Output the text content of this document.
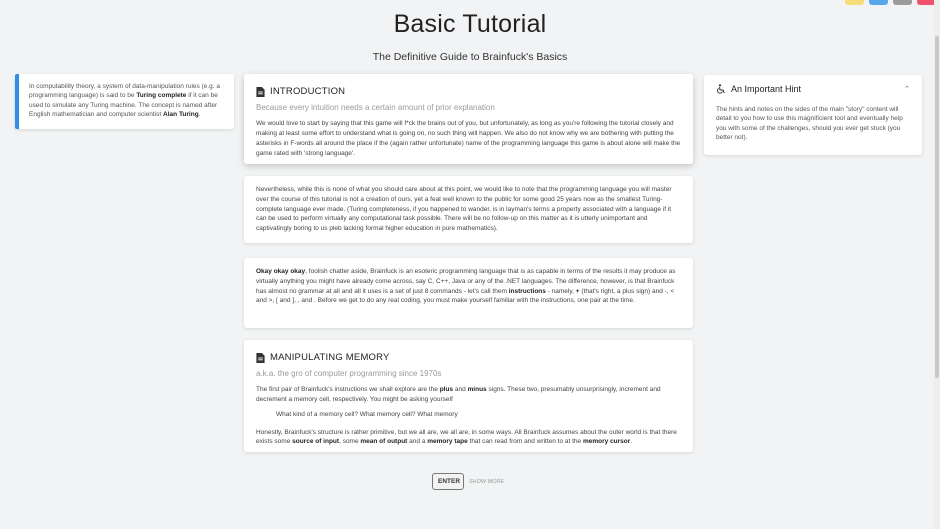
Basic Tutorial
The Definitive Guide to Brainfuck's Basics
In computability theory, a system of data-manipulation rules (e.g. a programming language) is said to be Turing complete if it can be used to simulate any Turing machine. The concept is named after English mathematician and computer scientist Alan Turing.
INTRODUCTION
Because every intuition needs a certain amount of prior explanation

We would love to start by saying that this game will f*ck the brains out of you, but unfortunately, as long as you're following the tutorial closely and making at least some effort to understand what is going on, no such thing will happen. We also do not know why we are bothering with putting the asterisks in F-words all around the place if the (again rather unfortunate) name of the programming language this game is about alone will make the game rated with 'strong language'.

Nevertheless, while this is none of what you should care about at this point, we would like to note that the programming language you will master over the course of this tutorial is not a creation of ours, yet a feat well known to the public for some good 25 years now as the smallest Turing-complete language ever made. (Turing completeness, if you happened to wander, is in layman's terms a property associated with a language if it can be used to perform virtually any computational task possible. There will be no follow-up on this matter as it is utterly unimportant and captivatingly boring to us pleb lacking formal higher education in pure mathematics).

Okay okay okay, foolish chatter aside, Brainfuck is an esoteric programming language that is as capable in terms of the results it may produce as virtually anything you might have already come across, say C, C++, Java or any of the .NET languages. The difference, however, is that Brainfuck has almost no grammar at all and all it uses is a set of just 8 commands - let's call them instructions - namely, + (that's right, a plus sign) and -, < and >, [ and ], , and . Before we get to do any real coding, you must make yourself familiar with the instructions, one pair at the time.

MANIPULATING MEMORY
a.k.a. the gro of computer programming since 1970s

The first pair of Brainfuck's instructions we shall explore are the plus and minus signs. These two, presumably unsurprisingly, increment and decrement a memory cell, respectively. You might be asking yourself

What kind of a memory cell? What memory cell? What memory

Honestly, Brainfuck's structure is rather primitive, but we all are, we all are, in some ways. All Brainfuck assumes about the outer world is that there exists some source of input, some mean of output and a memory tape that can read from and written to at the memory cursor.

An Important Hint	⌃
The hints and notes on the sides of the main "story" content will detail to you how to use this magnificient tool and eventually help you with some of the challenges, should you ever get stuck (you better not).
ENTER	SHOW MORE
